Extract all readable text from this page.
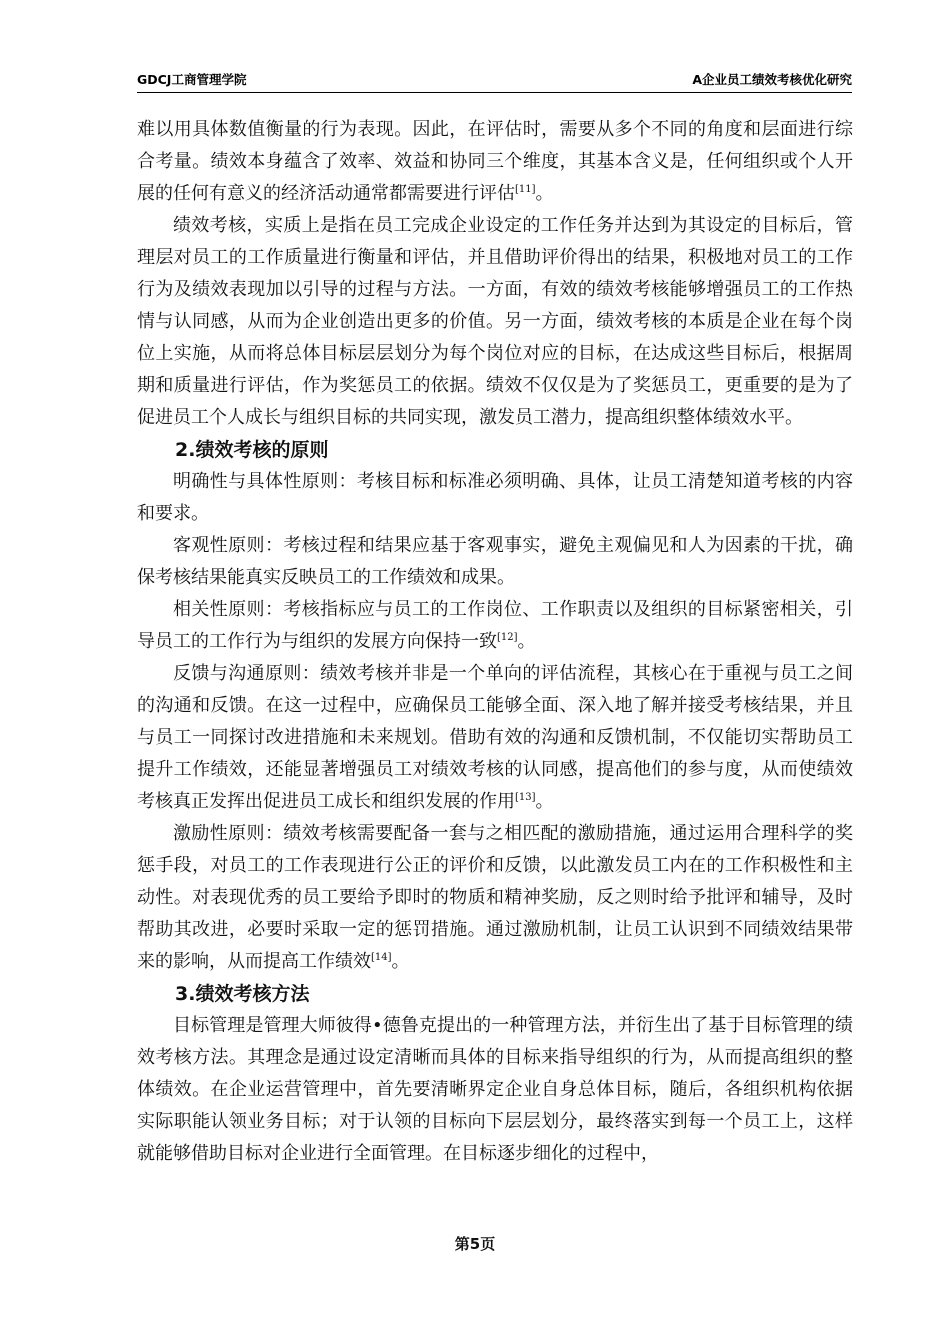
GDCJ工商管理学院	A企业员工绩效考核优化研究

难以用具体数值衡量的行为表现。因此，在评估时，需要从多个不同的角度和层面进行综合考量。绩效本身蕴含了效率、效益和协同三个维度，其基本含义是，任何组织或个人开展的任何有意义的经济活动通常都需要进行评估[11]。

绩效考核，实质上是指在员工完成企业设定的工作任务并达到为其设定的目标后，管理层对员工的工作质量进行衡量和评估，并且借助评价得出的结果，积极地对员工的工作行为及绩效表现加以引导的过程与方法。一方面，有效的绩效考核能够增强员工的工作热情与认同感，从而为企业创造出更多的价值。另一方面，绩效考核的本质是企业在每个岗位上实施，从而将总体目标层层划分为每个岗位对应的目标，在达成这些目标后，根据周期和质量进行评估，作为奖惩员工的依据。绩效不仅仅是为了奖惩员工，更重要的是为了促进员工个人成长与组织目标的共同实现，激发员工潜力，提高组织整体绩效水平。

2.绩效考核的原则

明确性与具体性原则：考核目标和标准必须明确、具体，让员工清楚知道考核的内容和要求。

客观性原则：考核过程和结果应基于客观事实，避免主观偏见和人为因素的干扰，确保考核结果能真实反映员工的工作绩效和成果。

相关性原则：考核指标应与员工的工作岗位、工作职责以及组织的目标紧密相关，引导员工的工作行为与组织的发展方向保持一致[12]。

反馈与沟通原则：绩效考核并非是一个单向的评估流程，其核心在于重视与员工之间的沟通和反馈。在这一过程中，应确保员工能够全面、深入地了解并接受考核结果，并且与员工一同探讨改进措施和未来规划。借助有效的沟通和反馈机制，不仅能切实帮助员工提升工作绩效，还能显著增强员工对绩效考核的认同感，提高他们的参与度，从而使绩效考核真正发挥出促进员工成长和组织发展的作用[13]。

激励性原则：绩效考核需要配备一套与之相匹配的激励措施，通过运用合理科学的奖惩手段，对员工的工作表现进行公正的评价和反馈，以此激发员工内在的工作积极性和主动性。对表现优秀的员工要给予即时的物质和精神奖励，反之则时给予批评和辅导，及时帮助其改进，必要时采取一定的惩罚措施。通过激励机制，让员工认识到不同绩效结果带来的影响，从而提高工作绩效[14]。

3.绩效考核方法

目标管理是管理大师彼得•德鲁克提出的一种管理方法，并衍生出了基于目标管理的绩效考核方法。其理念是通过设定清晰而具体的目标来指导组织的行为，从而提高组织的整体绩效。在企业运营管理中，首先要清晰界定企业自身总体目标，随后，各组织机构依据实际职能认领业务目标；对于认领的目标向下层层划分，最终落实到每一个员工上，这样就能够借助目标对企业进行全面管理。在目标逐步细化的过程中，

第5页
